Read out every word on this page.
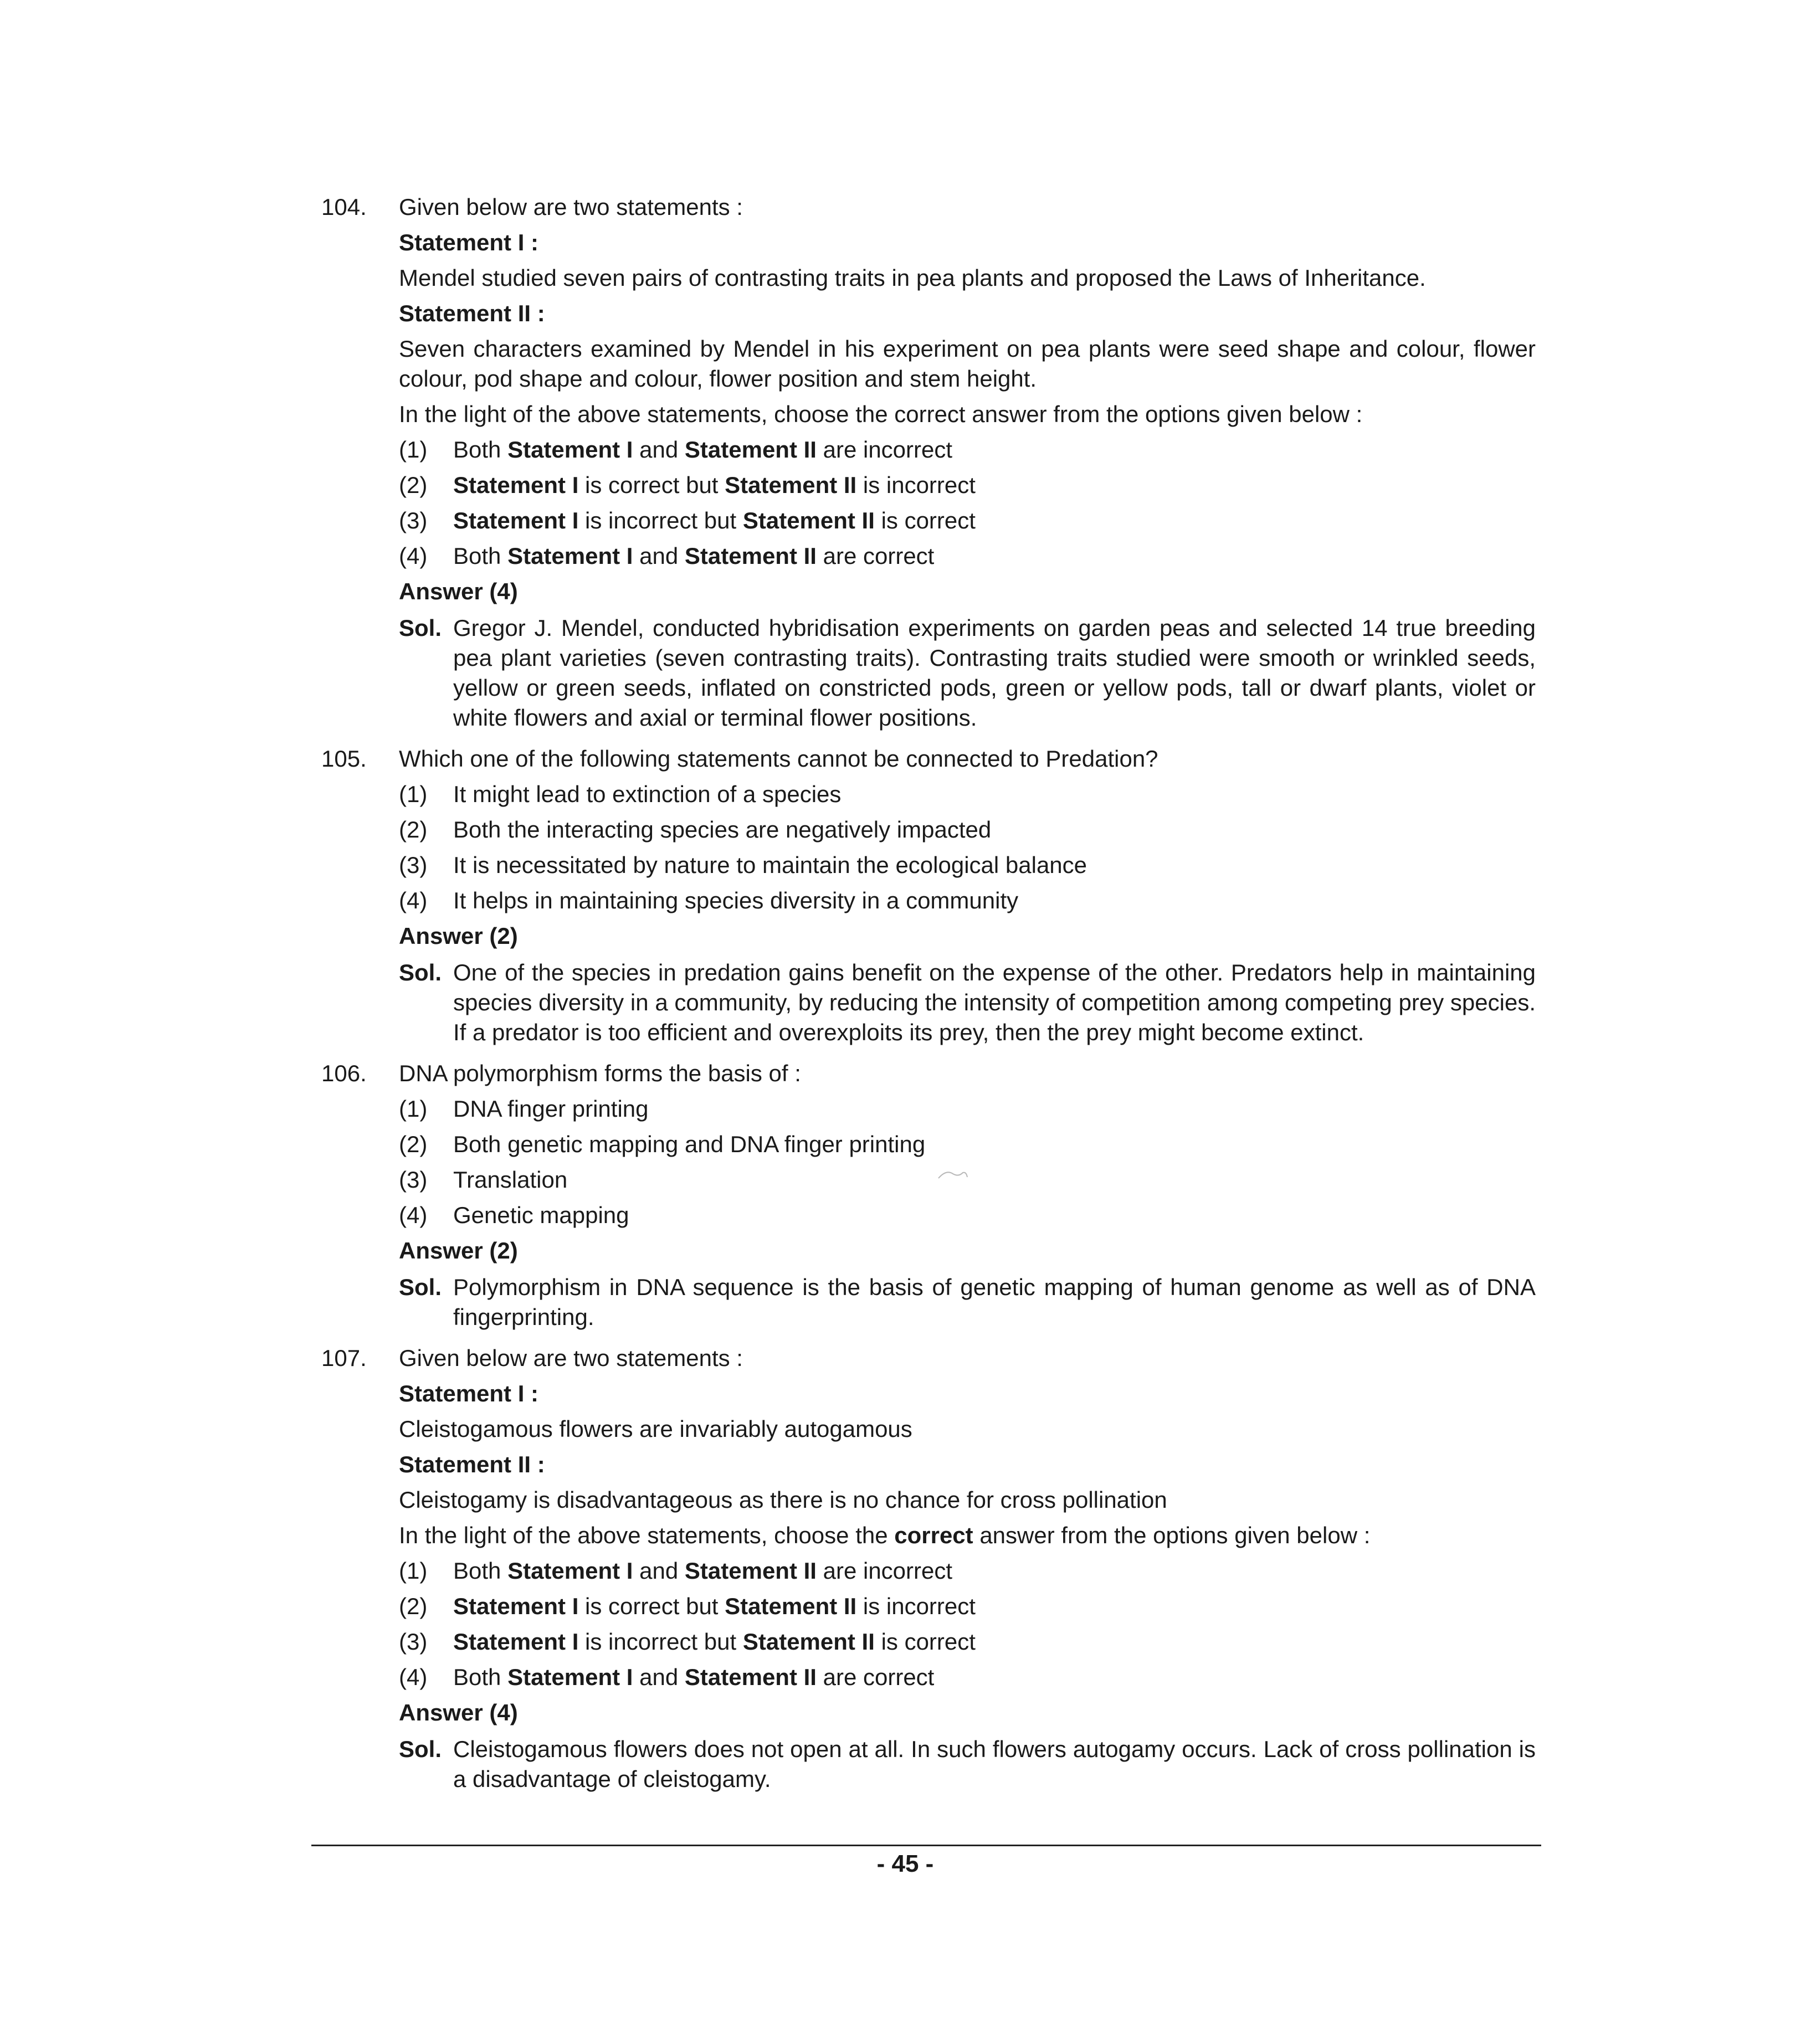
104. Given below are two statements :
Statement I :
Mendel studied seven pairs of contrasting traits in pea plants and proposed the Laws of Inheritance.
Statement II :
Seven characters examined by Mendel in his experiment on pea plants were seed shape and colour, flower colour, pod shape and colour, flower position and stem height.
In the light of the above statements, choose the correct answer from the options given below :
(1) Both Statement I and Statement II are incorrect
(2) Statement I is correct but Statement II is incorrect
(3) Statement I is incorrect but Statement II is correct
(4) Both Statement I and Statement II are correct
Answer (4)
Sol. Gregor J. Mendel, conducted hybridisation experiments on garden peas and selected 14 true breeding pea plant varieties (seven contrasting traits). Contrasting traits studied were smooth or wrinkled seeds, yellow or green seeds, inflated on constricted pods, green or yellow pods, tall or dwarf plants, violet or white flowers and axial or terminal flower positions.
105. Which one of the following statements cannot be connected to Predation?
(1) It might lead to extinction of a species
(2) Both the interacting species are negatively impacted
(3) It is necessitated by nature to maintain the ecological balance
(4) It helps in maintaining species diversity in a community
Answer (2)
Sol. One of the species in predation gains benefit on the expense of the other. Predators help in maintaining species diversity in a community, by reducing the intensity of competition among competing prey species. If a predator is too efficient and overexploits its prey, then the prey might become extinct.
106. DNA polymorphism forms the basis of :
(1) DNA finger printing
(2) Both genetic mapping and DNA finger printing
(3) Translation
(4) Genetic mapping
Answer (2)
Sol. Polymorphism in DNA sequence is the basis of genetic mapping of human genome as well as of DNA fingerprinting.
107. Given below are two statements :
Statement I :
Cleistogamous flowers are invariably autogamous
Statement II :
Cleistogamy is disadvantageous as there is no chance for cross pollination
In the light of the above statements, choose the correct answer from the options given below :
(1) Both Statement I and Statement II are incorrect
(2) Statement I is correct but Statement II is incorrect
(3) Statement I is incorrect but Statement II is correct
(4) Both Statement I and Statement II are correct
Answer (4)
Sol. Cleistogamous flowers does not open at all. In such flowers autogamy occurs. Lack of cross pollination is a disadvantage of cleistogamy.
- 45 -
